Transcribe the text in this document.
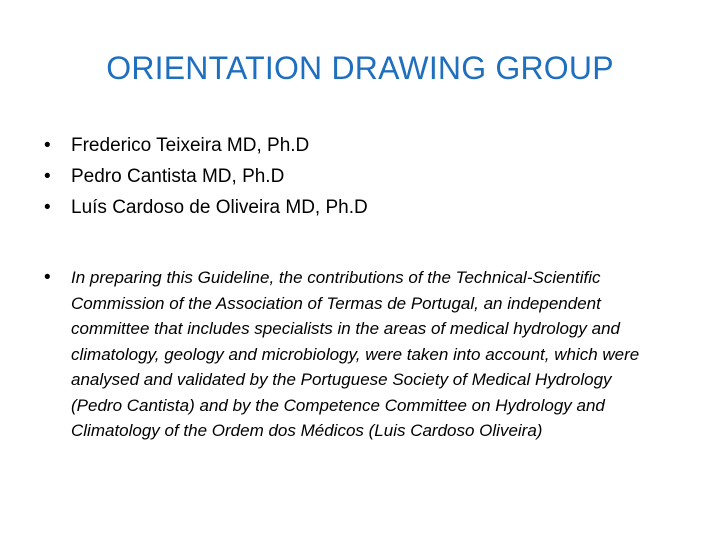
ORIENTATION DRAWING GROUP
•	Frederico Teixeira MD, Ph.D
•	Pedro Cantista MD, Ph.D
•	Luís Cardoso de Oliveira MD, Ph.D
•	In preparing this Guideline, the contributions of the Technical-Scientific Commission of the Association of Termas de Portugal, an independent committee that includes specialists in the areas of medical hydrology and climatology, geology and microbiology, were taken into account, which were analysed and validated by the Portuguese Society of Medical Hydrology (Pedro Cantista) and by the Competence Committee on Hydrology and Climatology of the Ordem dos Médicos (Luis Cardoso Oliveira)
